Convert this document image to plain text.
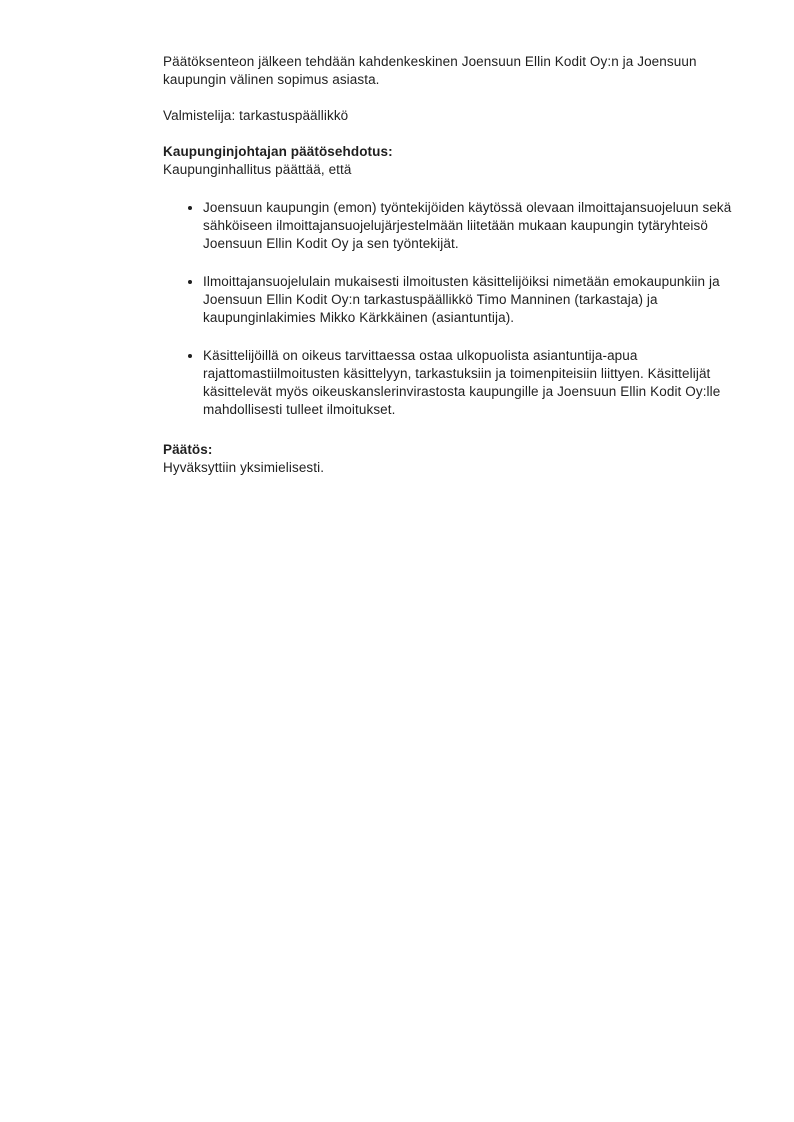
Päätöksenteon jälkeen tehdään kahdenkeskinen Joensuun Ellin Kodit Oy:n ja Joensuun kaupungin välinen sopimus asiasta.

Valmistelija: tarkastuspäällikkö

Kaupunginjohtajan päätösehdotus:

Kaupunginhallitus päättää, että

• Joensuun kaupungin (emon) työntekijöiden käytössä olevaan ilmoittajansuojeluun sekä sähköiseen ilmoittajansuojelujärjestelmään liitetään mukaan kaupungin tytäryhteisö Joensuun Ellin Kodit Oy ja sen työntekijät.
• Ilmoittajansuojelulain mukaisesti ilmoitusten käsittelijöiksi nimetään emokaupunkiin ja Joensuun Ellin Kodit Oy:n tarkastuspäällikkö Timo Manninen (tarkastaja) ja kaupunginlakimies Mikko Kärkkäinen (asiantuntija).
• Käsittelijöillä on oikeus tarvittaessa ostaa ulkopuolista asiantuntija-apua rajattomastiilmoitusten käsittelyyn, tarkastuksiin ja toimenpiteisiin liittyen. Käsittelijät käsittelevät myös oikeuskanslerinvirastosta kaupungille ja Joensuun Ellin Kodit Oy:lle mahdollisesti tulleet ilmoitukset.

Päätös:

Hyväksyttiin yksimielisesti.
